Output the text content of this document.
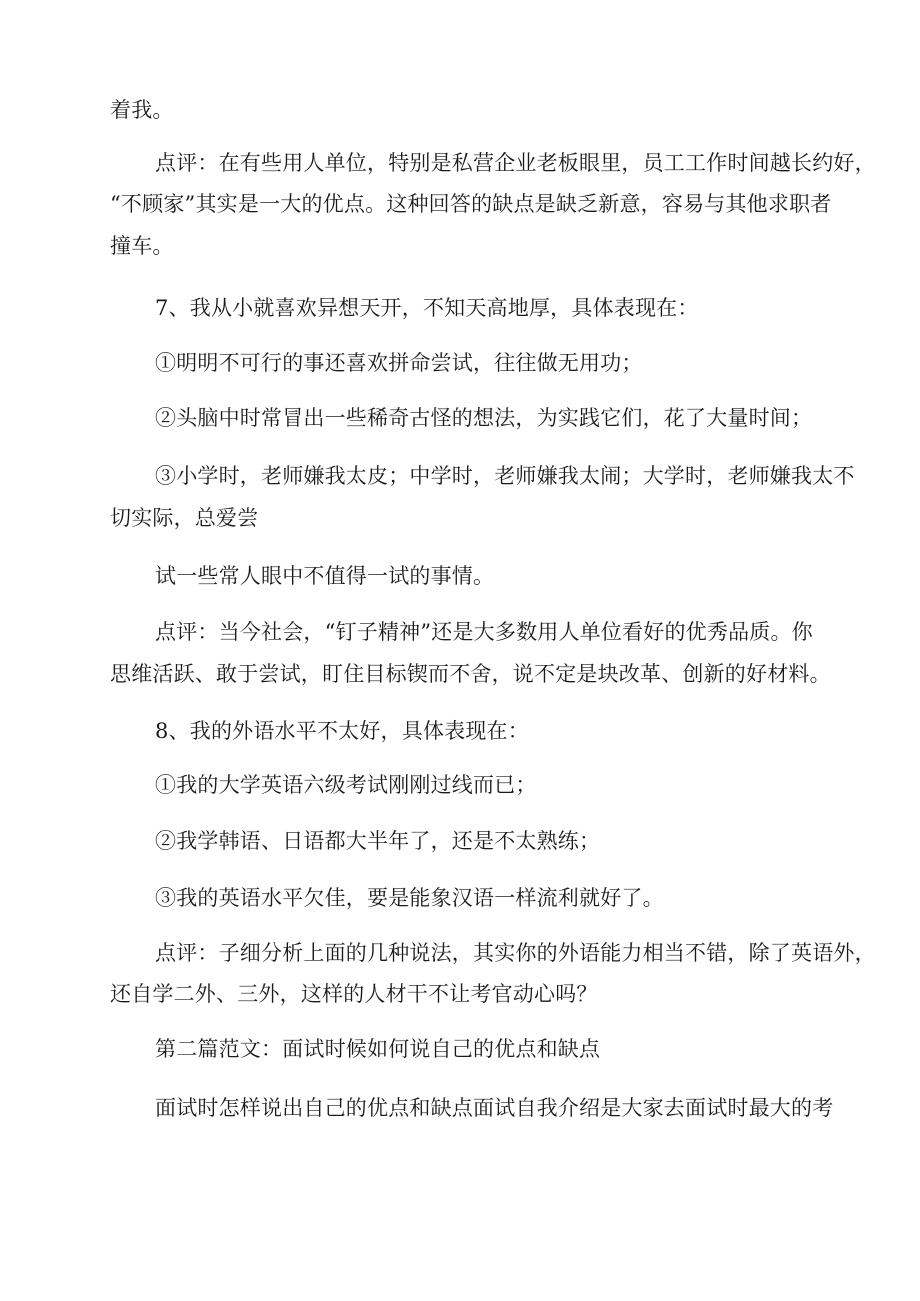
着我。
点评：在有些用人单位，特别是私营企业老板眼里，员工工作时间越长约好，
“不顾家”其实是一大的优点。这种回答的缺点是缺乏新意，容易与其他求职者
撞车。
7、我从小就喜欢异想天开，不知天高地厚，具体表现在：
①明明不可行的事还喜欢拼命尝试，往往做无用功；
②头脑中时常冒出一些稀奇古怪的想法，为实践它们，花了大量时间；
③小学时，老师嫌我太皮；中学时，老师嫌我太闹；大学时，老师嫌我太不
切实际，总爱尝
试一些常人眼中不值得一试的事情。
点评：当今社会，“钉子精神”还是大多数用人单位看好的优秀品质。你
思维活跃、敢于尝试，盯住目标锲而不舍，说不定是块改革、创新的好材料。
8、我的外语水平不太好，具体表现在：
①我的大学英语六级考试刚刚过线而已；
②我学韩语、日语都大半年了，还是不太熟练；
③我的英语水平欠佳，要是能象汉语一样流利就好了。
点评：子细分析上面的几种说法，其实你的外语能力相当不错，除了英语外，
还自学二外、三外，这样的人材干不让考官动心吗？
第二篇范文：面试时候如何说自己的优点和缺点
面试时怎样说出自己的优点和缺点面试自我介绍是大家去面试时最大的考
